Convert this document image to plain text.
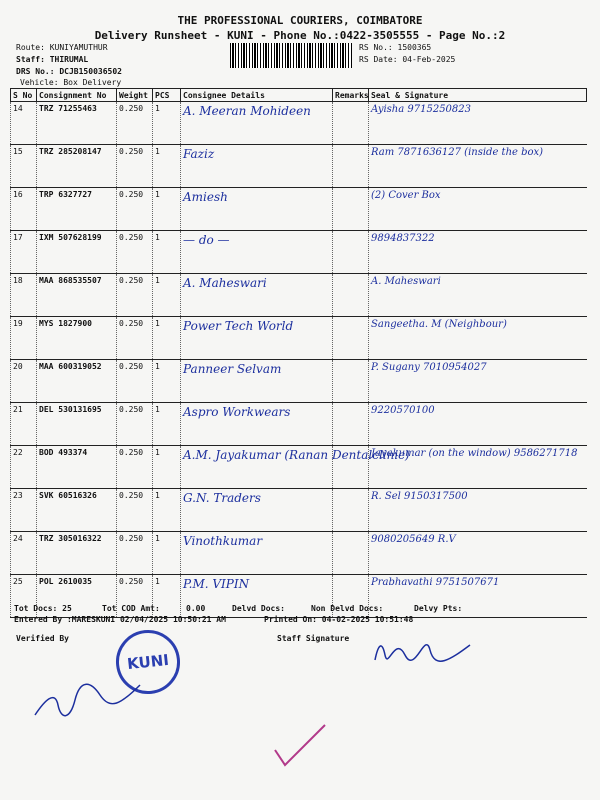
THE PROFESSIONAL COURIERS, COIMBATORE
Delivery Runsheet - KUNI - Phone No.:0422-3505555 - Page No.:2
Route: KUNIYAMUTHUR
Staff: THIRUMAL
DRS No.: DCJB150036502
Vehicle: Box Delivery
RS No.: 1500365
RS Date: 04-Feb-2025
S No	Consignment No	Weight	PCS	Consignee Details	Remarks	Seal & Signature
14	TRZ 71255463	0.250	1	A. Meeran Mohideen		Ayisha 9715250823
15	TRZ 285208147	0.250	1	Faziz		Ram 7871636127 (inside the box)
16	TRP 6327727	0.250	1	Amiesh		(2) Cover Box
17	IXM 507628199	0.250	1	— do —		9894837322
18	MAA 868535507	0.250	1	A. Maheswari		A. Maheswari
19	MYS 1827900	0.250	1	Power Tech World		Sangeetha. M (Neighbour)
20	MAA 600319052	0.250	1	Panneer Selvam		P. Sugany 7010954027
21	DEL 530131695	0.250	1	Aspro Workwears		9220570100
22	BOD 493374	0.250	1	A.M. Jayakumar (Ranan Dentalclinic)		Jayakumar (on the window) 9586271718
23	SVK 60516326	0.250	1	G.N. Traders		R. Sel 9150317500
24	TRZ 305016322	0.250	1	Vinothkumar		9080205649 R.V
25	POL 2610035	0.250	1	P.M. VIPIN		Prabhavathi 9751507671
Tot Docs: 25	Tot COD Amt:	0.00	Delvd Docs:	Non Delvd Docs:	Delvy Pts:
Entered By :MARESKUNI 02/04/2025 10:50:21 AM	Printed On: 04-02-2025 10:51:48
Verified By	Staff Signature
KUNI
